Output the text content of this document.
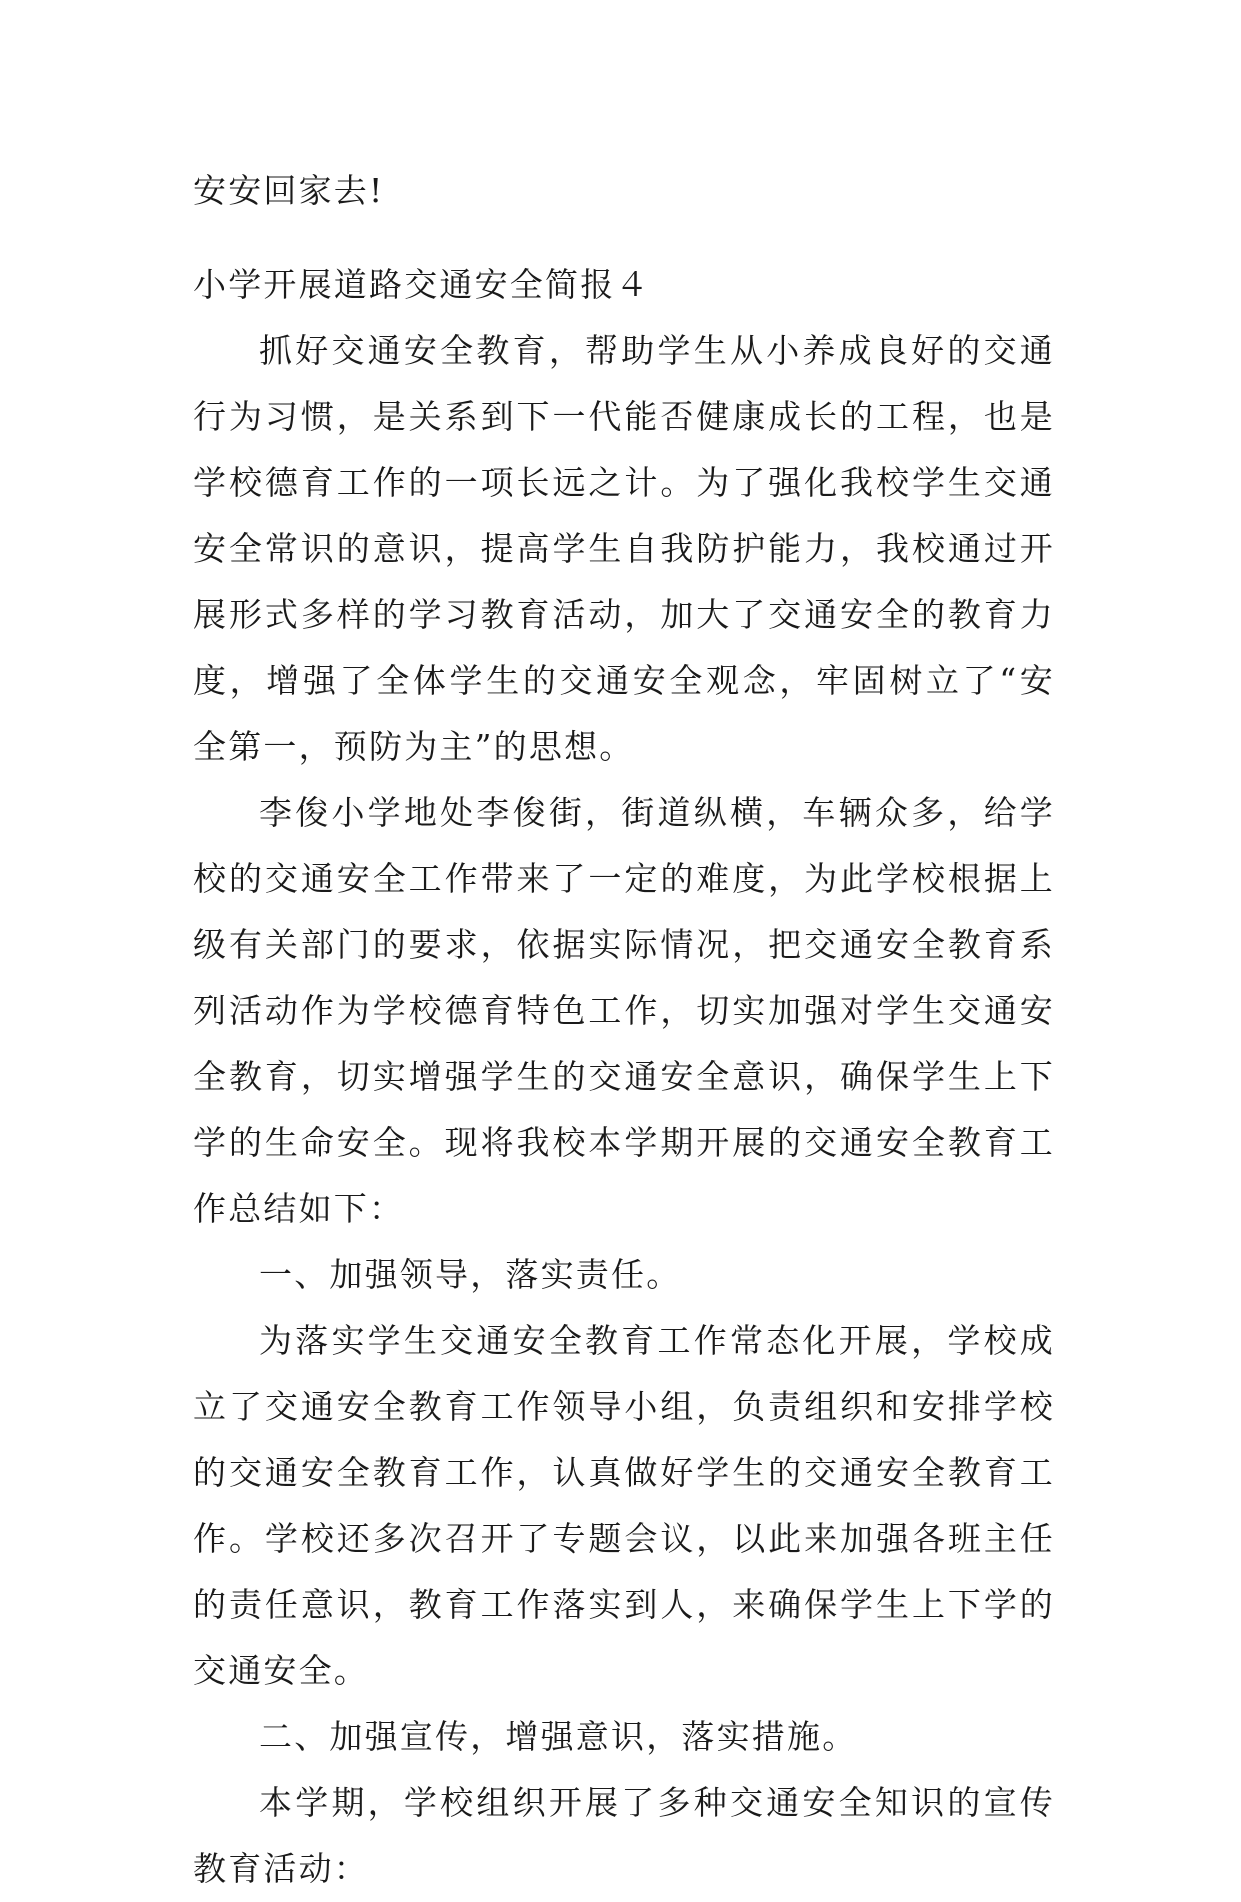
安安回家去!

小学开展道路交通安全简报４

抓好交通安全教育，帮助学生从小养成良好的交通行为习惯，是关系到下一代能否健康成长的工程，也是学校德育工作的一项长远之计。为了强化我校学生交通安全常识的意识，提高学生自我防护能力，我校通过开展形式多样的学习教育活动，加大了交通安全的教育力度，增强了全体学生的交通安全观念，牢固树立了“安全第一，预防为主”的思想。

李俊小学地处李俊街，街道纵横，车辆众多，给学校的交通安全工作带来了一定的难度，为此学校根据上级有关部门的要求，依据实际情况，把交通安全教育系列活动作为学校德育特色工作，切实加强对学生交通安全教育，切实增强学生的交通安全意识，确保学生上下学的生命安全。现将我校本学期开展的交通安全教育工作总结如下：

一、加强领导，落实责任。

为落实学生交通安全教育工作常态化开展，学校成立了交通安全教育工作领导小组，负责组织和安排学校的交通安全教育工作，认真做好学生的交通安全教育工作。学校还多次召开了专题会议，以此来加强各班主任的责任意识，教育工作落实到人，来确保学生上下学的交通安全。

二、加强宣传，增强意识，落实措施。

本学期，学校组织开展了多种交通安全知识的宣传教育活动：
